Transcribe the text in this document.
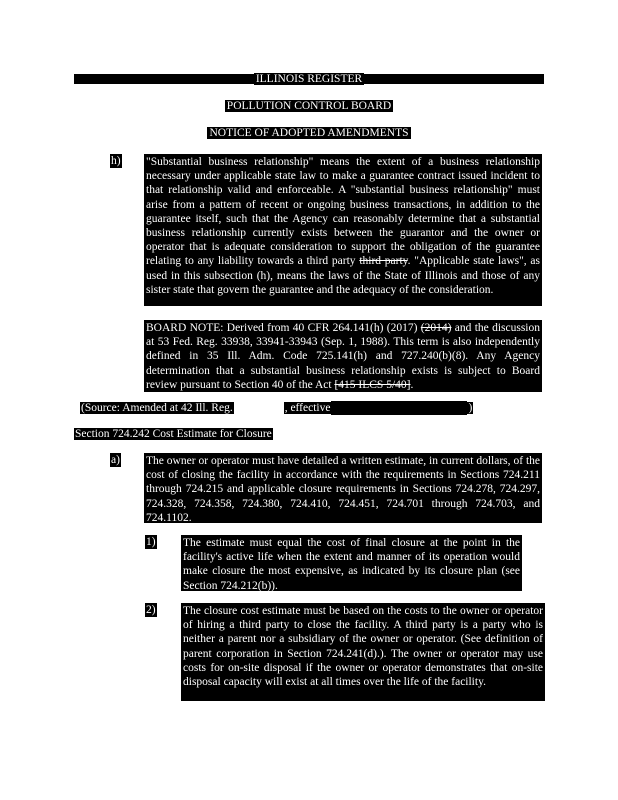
ILLINOIS REGISTER
POLLUTION CONTROL BOARD
NOTICE OF ADOPTED AMENDMENTS
h) "Substantial business relationship" means the extent of a business relationship necessary under applicable state law to make a guarantee contract issued incident to that relationship valid and enforceable. A "substantial business relationship" must arise from a pattern of recent or ongoing business transactions, in addition to the guarantee itself, such that the Agency can reasonably determine that a substantial business relationship currently exists between the guarantor and the owner or operator that is adequate consideration to support the obligation of the guarantee relating to any liability towards a third party third party. "Applicable state laws", as used in this subsection (h), means the laws of the State of Illinois and those of any sister state that govern the guarantee and the adequacy of the consideration.
BOARD NOTE: Derived from 40 CFR 264.141(h) (2017) (2014) and the discussion at 53 Fed. Reg. 33938, 33941-33943 (Sep. 1, 1988). This term is also independently defined in 35 Ill. Adm. Code 725.141(h) and 727.240(b)(8). Any Agency determination that a substantial business relationship exists is subject to Board review pursuant to Section 40 of the Act [415 ILCS 5/40].
(Source: Amended at 42 Ill. Reg.	, effective	)
Section 724.242 Cost Estimate for Closure
a) The owner or operator must have detailed a written estimate, in current dollars, of the cost of closing the facility in accordance with the requirements in Sections 724.211 through 724.215 and applicable closure requirements in Sections 724.278, 724.297, 724.328, 724.358, 724.380, 724.410, 724.451, 724.701 through 724.703, and 724.1102.
1) The estimate must equal the cost of final closure at the point in the facility's active life when the extent and manner of its operation would make closure the most expensive, as indicated by its closure plan (see Section 724.212(b)).
2) The closure cost estimate must be based on the costs to the owner or operator of hiring a third party to close the facility. A third party is a party who is neither a parent nor a subsidiary of the owner or operator. (See definition of parent corporation in Section 724.241(d).). The owner or operator may use costs for on-site disposal if the owner or operator demonstrates that on-site disposal capacity will exist at all times over the life of the facility.
